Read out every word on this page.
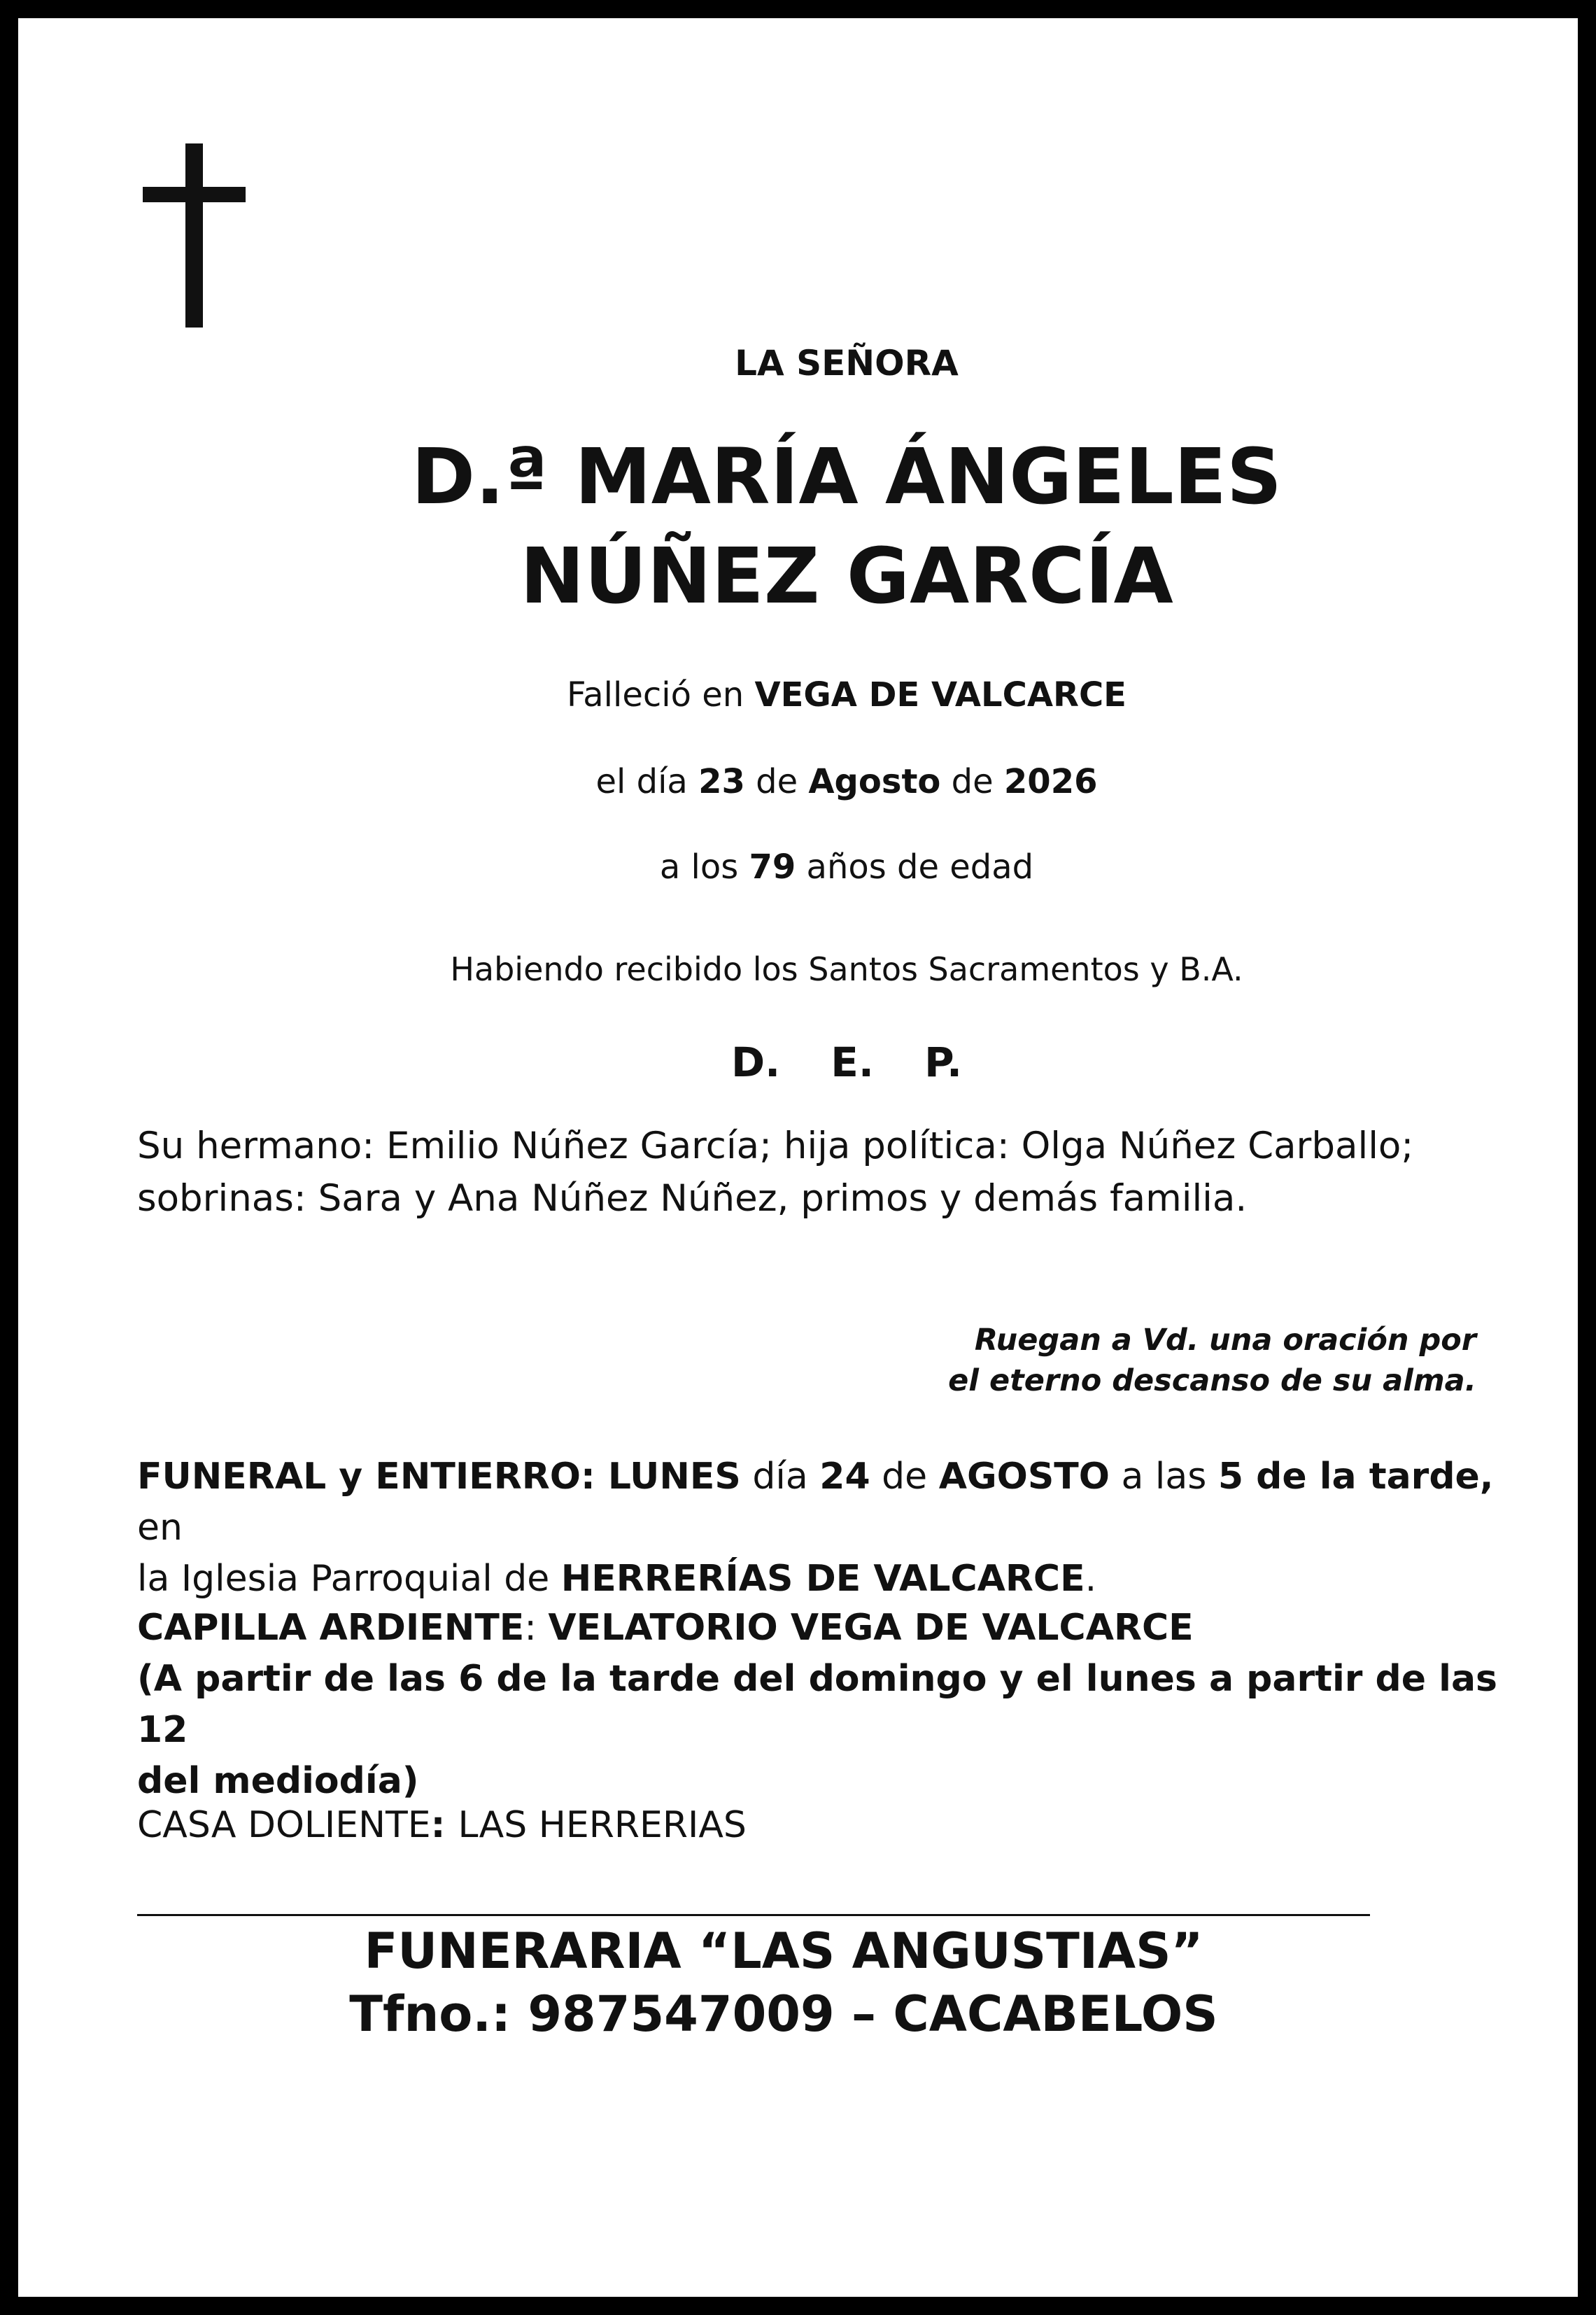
LA SEÑORA

D.ª MARÍA ÁNGELES

NÚÑEZ GARCÍA

Falleció en VEGA DE VALCARCE
el día 23 de Agosto de 2026
a los 79 años de edad
Habiendo recibido los Santos Sacramentos y B.A.
D. E. P.

Su hermano: Emilio Núñez García; hija política: Olga Núñez Carballo;

sobrinas: Sara y Ana Núñez Núñez, primos y demás familia.

Ruegan a Vd. una oración por

el eterno descanso de su alma.

FUNERAL y ENTIERRO: LUNES día 24 de AGOSTO a las 5 de la tarde, en

la Iglesia Parroquial de HERRERÍAS DE VALCARCE.

CAPILLA ARDIENTE: VELATORIO VEGA DE VALCARCE

(A partir de las 6 de la tarde del domingo y el lunes a partir de las 12

del mediodía)

CASA DOLIENTE: LAS HERRERIAS
FUNERARIA “LAS ANGUSTIAS”
Tfno.: 987547009 – CACABELOS
